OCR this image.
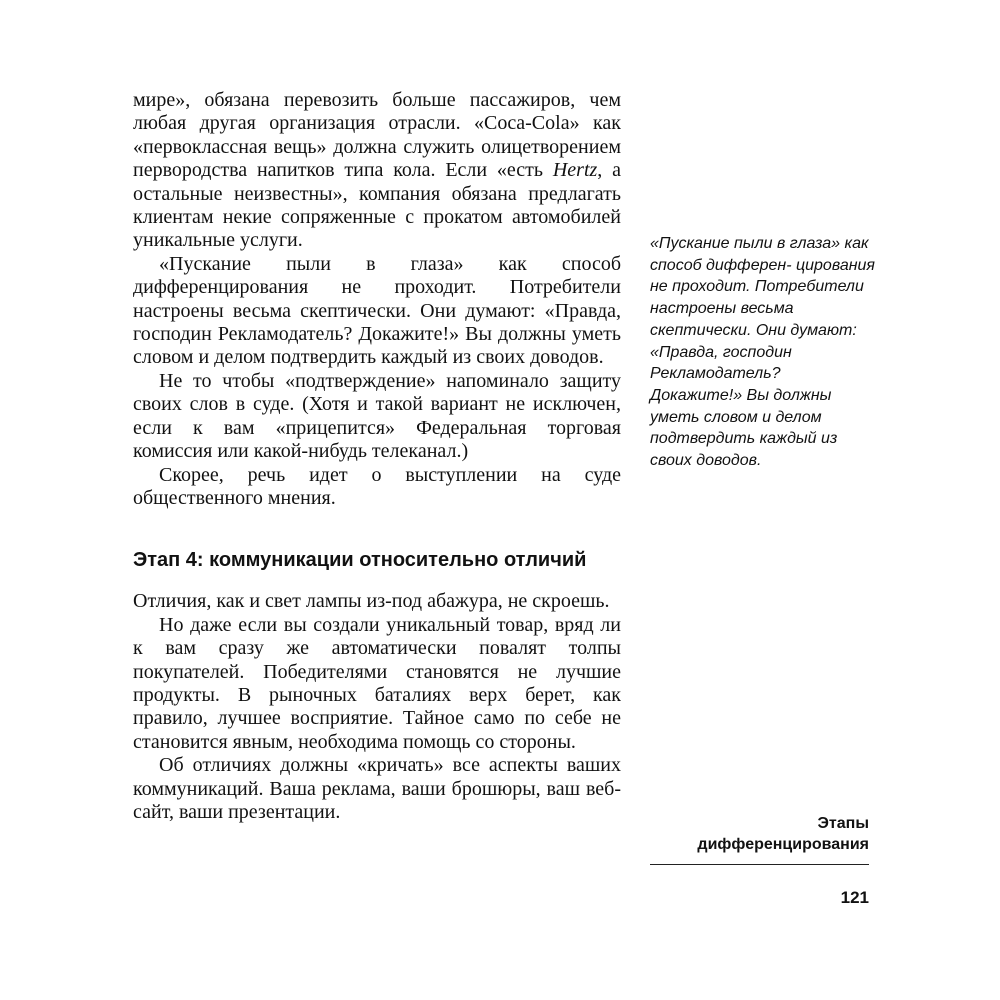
мире», обязана перевозить больше пассажиров, чем любая другая организация отрасли. «Coca-Cola» как «первоклассная вещь» должна служить олицетворением первородства напитков типа кола. Если «есть Hertz, а остальные неизвестны», компания обязана предлагать клиентам некие сопряженные с прокатом автомобилей уникальные услуги.

«Пускание пыли в глаза» как способ дифференцирования не проходит. Потребители настроены весьма скептически. Они думают: «Правда, господин Рекламодатель? Докажите!» Вы должны уметь словом и делом подтвердить каждый из своих доводов.

Не то чтобы «подтверждение» напоминало защиту своих слов в суде. (Хотя и такой вариант не исключен, если к вам «прицепится» Федеральная торговая комиссия или какой-нибудь телеканал.)

Скорее, речь идет о выступлении на суде общественного мнения.

Этап 4: коммуникации относительно отличий

Отличия, как и свет лампы из-под абажура, не скроешь.

Но даже если вы создали уникальный товар, вряд ли к вам сразу же автоматически повалят толпы покупателей. Победителями становятся не лучшие продукты. В рыночных баталиях верх берет, как правило, лучшее восприятие. Тайное само по себе не становится явным, необходима помощь со стороны.

Об отличиях должны «кричать» все аспекты ваших коммуникаций. Ваша реклама, ваши брошюры, ваш веб-сайт, ваши презентации.

«Пускание пыли в глаза» как способ дифферен- цирования не проходит. Потребители настроены весьма скептически. Они думают: «Правда, господин Рекламодатель? Докажите!» Вы должны уметь словом и делом подтвердить каждый из своих доводов.
Этапы
дифференцирования
121
